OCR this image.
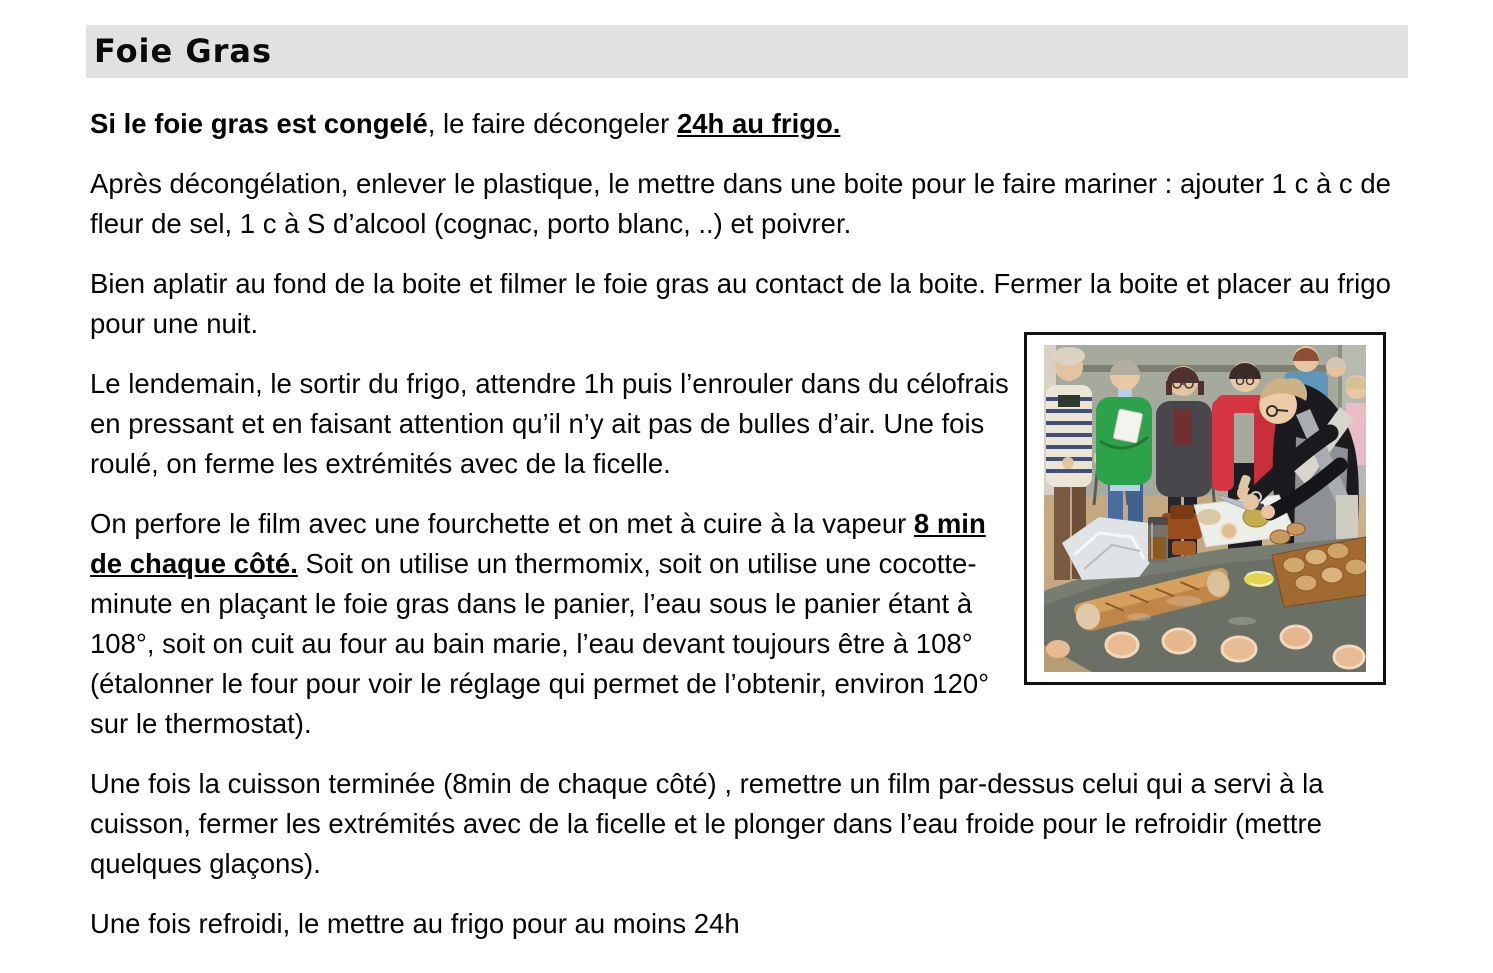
Foie Gras

Si le foie gras est congelé, le faire décongeler 24h au frigo.

Après décongélation, enlever le plastique, le mettre dans une boite pour le faire mariner : ajouter 1 c à c de fleur de sel, 1 c à S d’alcool (cognac, porto blanc, ..) et poivrer.

Bien aplatir au fond de la boite et filmer le foie gras au contact de la boite. Fermer la boite et placer au frigo pour une nuit.

Le lendemain, le sortir du frigo, attendre 1h puis l’enrouler dans du célofrais en pressant et en faisant attention qu’il n’y ait pas de bulles d’air. Une fois roulé, on ferme les extrémités avec de la ficelle.

On perfore le film avec une fourchette et on met à cuire à la vapeur 8 min de chaque côté. Soit on utilise un thermomix, soit on utilise une cocotte-minute en plaçant le foie gras dans le panier, l’eau sous le panier étant à 108°, soit on cuit au four au bain marie, l’eau devant toujours être à 108° (étalonner le four pour voir le réglage qui permet de l’obtenir, environ 120° sur le thermostat).

Une fois la cuisson terminée (8min de chaque côté) , remettre un film par-dessus celui qui a servi à la cuisson, fermer les extrémités avec de la ficelle et le plonger dans l’eau froide pour le refroidir (mettre quelques glaçons).

Une fois refroidi, le mettre au frigo pour au moins 24h
